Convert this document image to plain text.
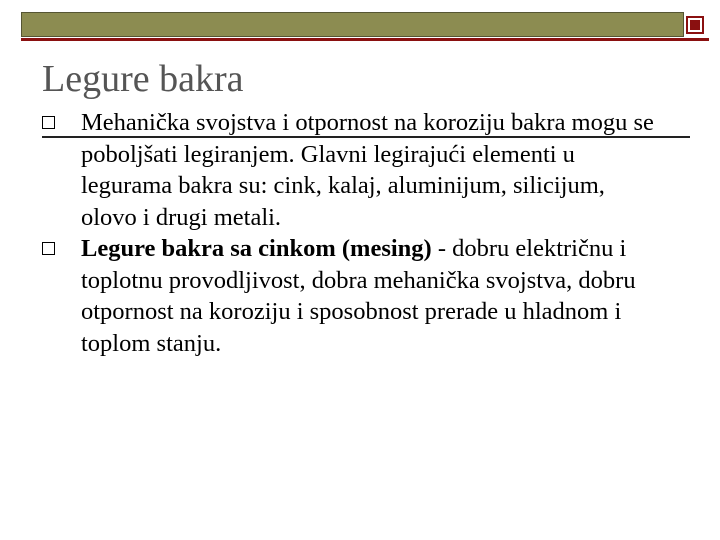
Legure bakra
Mehanička svojstva i otpornost na koroziju bakra mogu se poboljšati legiranjem. Glavni legirajući elementi u legurama bakra su: cink, kalaj, aluminijum, silicijum, olovo i drugi metali.
Legure bakra sa cinkom (mesing) - dobru električnu i toplotnu provodljivost, dobra mehanička svojstva, dobru otpornost na koroziju i sposobnost prerade u hladnom i toplom stanju.
